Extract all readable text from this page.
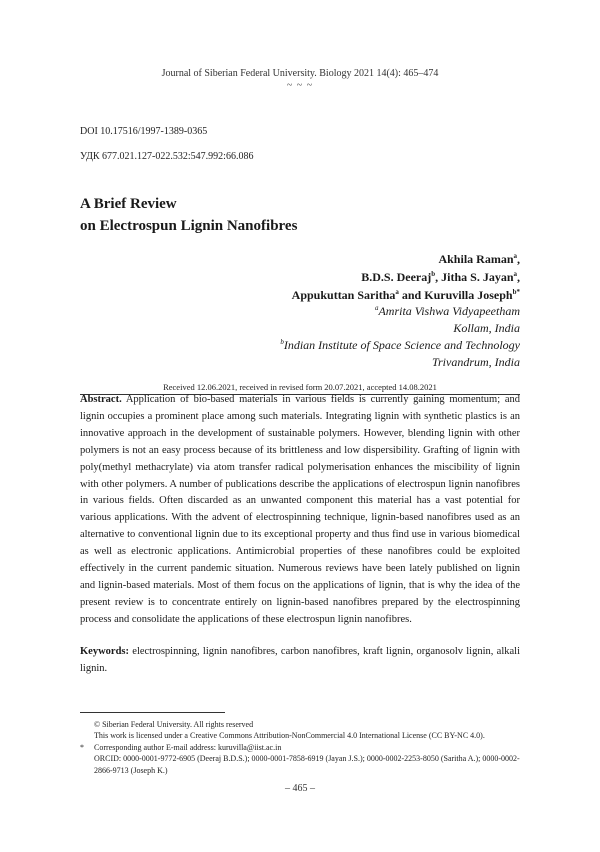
Journal of Siberian Federal University. Biology 2021 14(4): 465–474
~ ~ ~
DOI 10.17516/1997-1389-0365
УДК 677.021.127-022.532:547.992:66.086
A Brief Review
on Electrospun Lignin Nanofibres
Akhila Raman$^a$,
B.D.S. Deeraj$^b$, Jitha S. Jayan$^a$,
Appukuttan Saritha$^a$ and Kuruvilla Joseph$^{b*}$
$^a$Amrita Vishwa Vidyapeetham
Kollam, India
$^b$Indian Institute of Space Science and Technology
Trivandrum, India
Received 12.06.2021, received in revised form 20.07.2021, accepted 14.08.2021
Abstract. Application of bio-based materials in various fields is currently gaining momentum; and lignin occupies a prominent place among such materials. Integrating lignin with synthetic plastics is an innovative approach in the development of sustainable polymers. However, blending lignin with other polymers is not an easy process because of its brittleness and low dispersibility. Grafting of lignin with poly(methyl methacrylate) via atom transfer radical polymerisation enhances the miscibility of lignin with other polymers. A number of publications describe the applications of electrospun lignin nanofibres in various fields. Often discarded as an unwanted component this material has a vast potential for various applications. With the advent of electrospinning technique, lignin-based nanofibres used as an alternative to conventional lignin due to its exceptional property and thus find use in various biomedical as well as electronic applications. Antimicrobial properties of these nanofibres could be exploited effectively in the current pandemic situation. Numerous reviews have been lately published on lignin and lignin-based materials. Most of them focus on the applications of lignin, that is why the idea of the present review is to concentrate entirely on lignin-based nanofibres prepared by the electrospinning process and consolidate the applications of these electrospun lignin nanofibres.
Keywords: electrospinning, lignin nanofibres, carbon nanofibres, kraft lignin, organosolv lignin, alkali lignin.
© Siberian Federal University. All rights reserved
This work is licensed under a Creative Commons Attribution-NonCommercial 4.0 International License (CC BY-NC 4.0).
* Corresponding author E-mail address: kuruvilla@iist.ac.in
ORCID: 0000-0001-9772-6905 (Deeraj B.D.S.); 0000-0001-7858-6919 (Jayan J.S.); 0000-0002-2253-8050 (Saritha A.); 0000-0002-2866-9713 (Joseph K.)
– 465 –
